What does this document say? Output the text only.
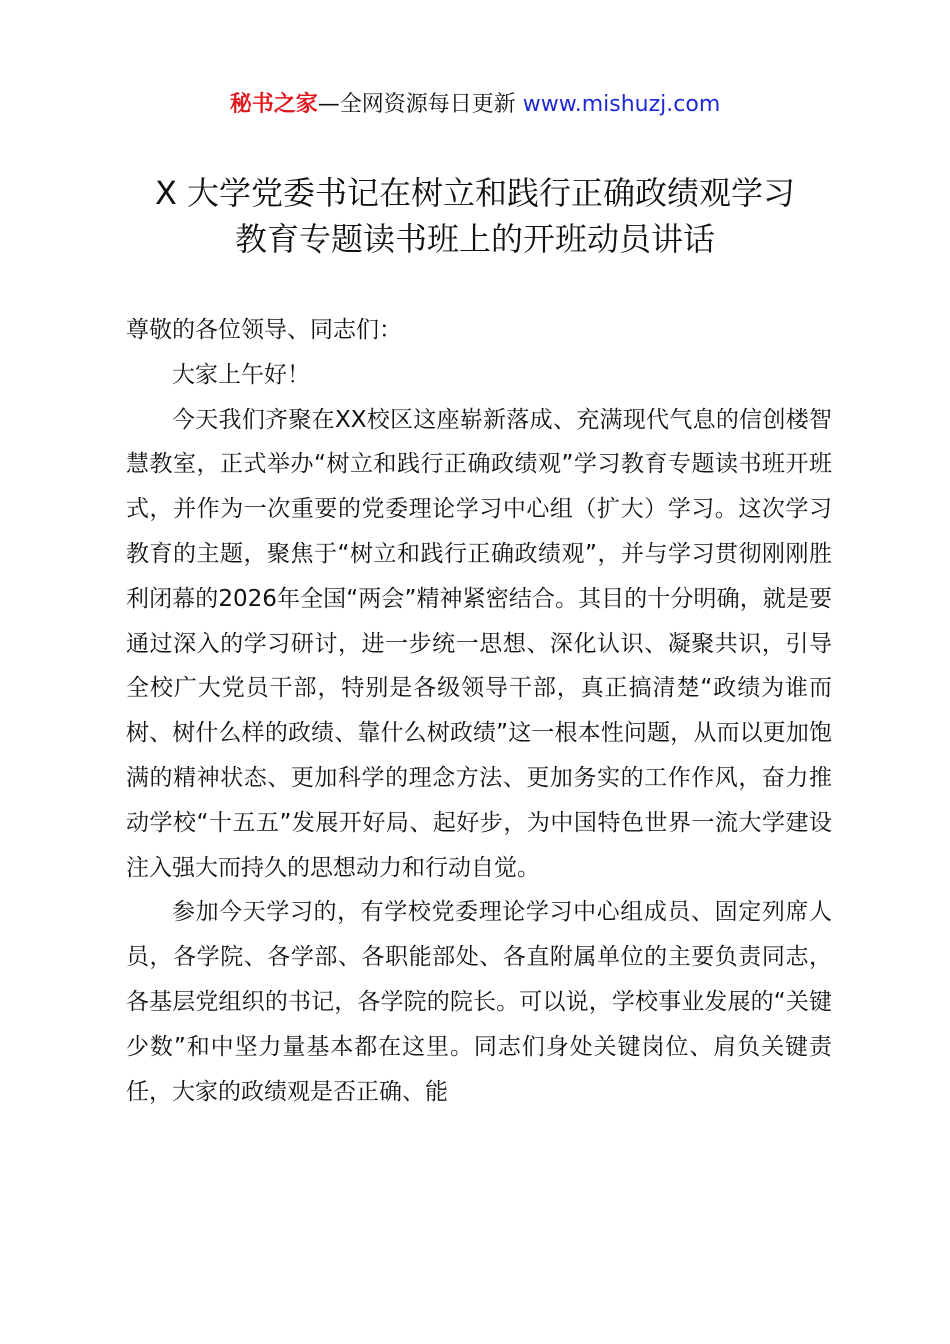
秘书之家—全网资源每日更新 www.mishuzj.com
X 大学党委书记在树立和践行正确政绩观学习
教育专题读书班上的开班动员讲话

尊敬的各位领导、同志们：

大家上午好！

今天我们齐聚在XX校区这座崭新落成、充满现代气息的信创楼智慧教室，正式举办“树立和践行正确政绩观”学习教育专题读书班开班式，并作为一次重要的党委理论学习中心组（扩大）学习。这次学习教育的主题，聚焦于“树立和践行正确政绩观”，并与学习贯彻刚刚胜利闭幕的2026年全国“两会”精神紧密结合。其目的十分明确，就是要通过深入的学习研讨，进一步统一思想、深化认识、凝聚共识，引导全校广大党员干部，特别是各级领导干部，真正搞清楚“政绩为谁而树、树什么样的政绩、靠什么树政绩”这一根本性问题，从而以更加饱满的精神状态、更加科学的理念方法、更加务实的工作作风，奋力推动学校“十五五”发展开好局、起好步，为中国特色世界一流大学建设注入强大而持久的思想动力和行动自觉。

参加今天学习的，有学校党委理论学习中心组成员、固定列席人员，各学院、各学部、各职能部处、各直附属单位的主要负责同志，各基层党组织的书记，各学院的院长。可以说，学校事业发展的“关键少数”和中坚力量基本都在这里。同志们身处关键岗位、肩负关键责任，大家的政绩观是否正确、能
